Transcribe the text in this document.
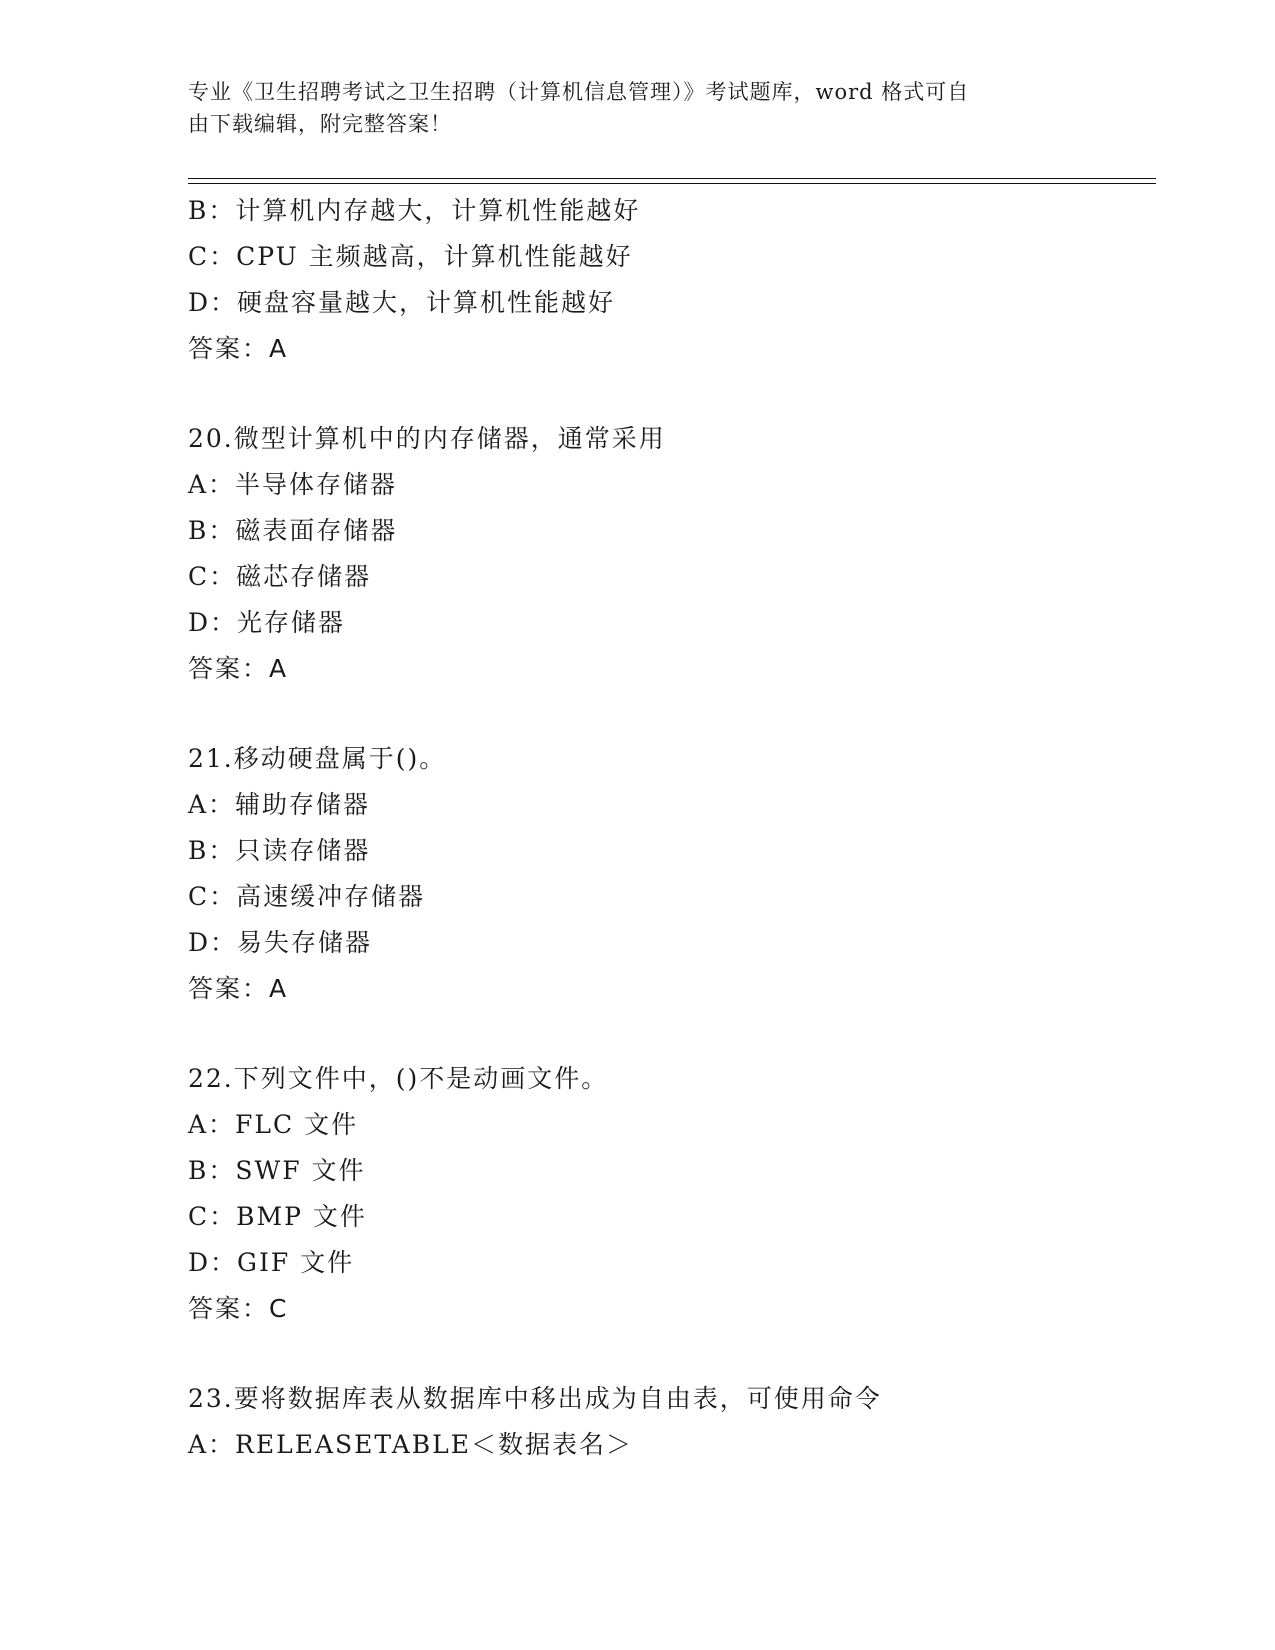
专业《卫生招聘考试之卫生招聘（计算机信息管理）》考试题库，word 格式可自
由下载编辑，附完整答案！
B：计算机内存越大，计算机性能越好
C：CPU 主频越高，计算机性能越好
D：硬盘容量越大，计算机性能越好
答案：A
20.微型计算机中的内存储器，通常采用
A：半导体存储器
B：磁表面存储器
C：磁芯存储器
D：光存储器
答案：A
21.移动硬盘属于()。
A：辅助存储器
B：只读存储器
C：高速缓冲存储器
D：易失存储器
答案：A
22.下列文件中，()不是动画文件。
A：FLC 文件
B：SWF 文件
C：BMP 文件
D：GIF 文件
答案：C
23.要将数据库表从数据库中移出成为自由表，可使用命令
A：RELEASETABLE＜数据表名＞
